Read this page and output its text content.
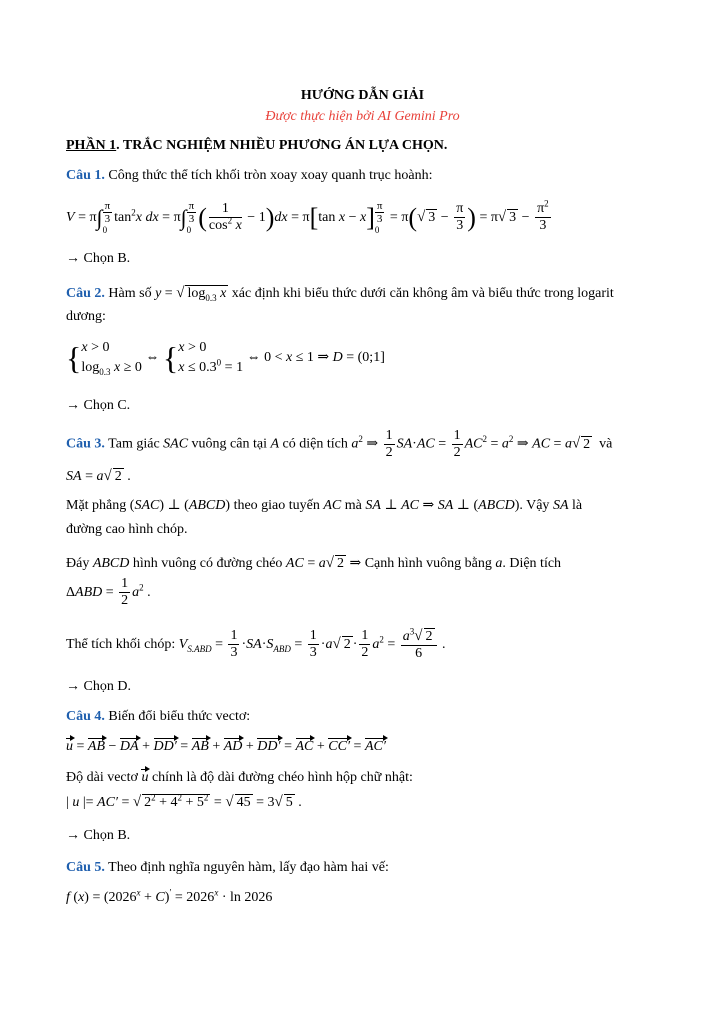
HƯỚNG DẪN GIẢI
Được thực hiện bởi AI Gemini Pro
PHẦN 1. TRẮC NGHIỆM NHIỀU PHƯƠNG ÁN LỰA CHỌN.
Câu 1. Công thức thể tích khối tròn xoay xoay quanh trục hoành:
$V = \pi\int \frac{\pi}{3}$

$0\tan^2x$ dx = $\pi\int \frac{\pi}{3}$

0 ( $\frac{1}{\cos^2 x} - 1)dx = \pi[\tan$ $x - x] \frac{\pi}{3}$

0 = π(√ $3 - \frac{\pi}{3}$ ) = π√ $3 - \frac{\pi^2}{3}$
→ Chọn B.
Câu 2. Hàm số y = √ $\log_{0.3} x$ xác định khi biểu thức dưới căn không âm và biểu thức trong logarit
dương:
{x > 0
$\log_{0.3} x \ge 0$ ⇔ {x > 0
$x \le 0.3^0 = 1$ ⇔ 0 < x ≤ 1 ⇒ D = (0;1]
→ Chọn C.
Câu 3. Tam giác SAC vuông cân tại A có diện tích $a^2$ ⇒ $\frac{1}{2} SA\cdot AC = \frac{1}{2} AC^2 = a^2$ ⇒ AC = a√ 2 và
SA = a√ 2 .
Mặt phẳng (SAC) ⊥ (ABCD) theo giao tuyến AC mà SA ⊥ AC ⇒ SA ⊥ (ABCD). Vậy SA là
đường cao hình chóp.
Đáy ABCD hình vuông có đường chéo AC = a√ 2 ⇒ Cạnh hình vuông bằng a. Diện tích
$\Delta ABD = \frac{1}{2} a^2$ .
Thể tích khối chóp: $V_{S.ABD} = \frac{1}{3} \cdot SA\cdot S_{ABD} = \frac{1}{3} \cdot a√$ $2 \cdot \frac{1}{2} a^2 = \frac{a^3√ 2}{6}$ .
→ Chọn D.
Câu 4. Biến đổi biểu thức vectơ:
u = AB − DA + DD′ = AB + AD + DD′ = AC + CC′ = AC′
Độ dài vectơ u chính là độ dài đường chéo hình hộp chữ nhật:
| u |= AC′ = √ $2^2 + 4^2 + 5^2$ = √ 45 = 3√ 5 .
→ Chọn B.
Câu 5. Theo định nghĩa nguyên hàm, lấy đạo hàm hai vế:
f $(x) = (2026^x + C)' = 2026^x \cdot \ln 2026$
